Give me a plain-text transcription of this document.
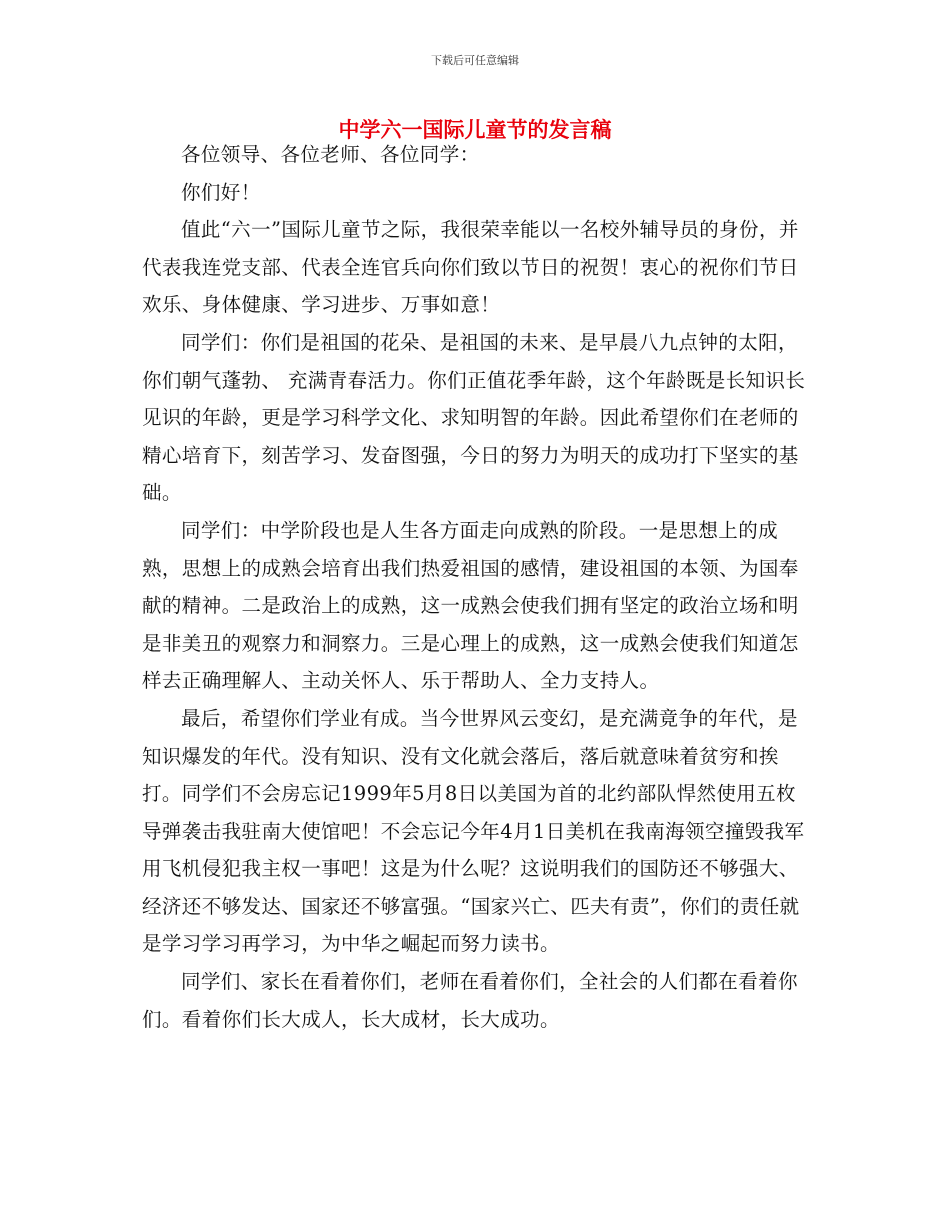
下载后可任意编辑
中学六一国际儿童节的发言稿

各位领导、各位老师、各位同学：

你们好！

值此“六一”国际儿童节之际，我很荣幸能以一名校外辅导员的身份，并代表我连党支部、代表全连官兵向你们致以节日的祝贺！衷心的祝你们节日欢乐、身体健康、学习进步、万事如意！

同学们：你们是祖国的花朵、是祖国的未来、是早晨八九点钟的太阳，你们朝气蓬勃、 充满青春活力。你们正值花季年龄，这个年龄既是长知识长见识的年龄，更是学习科学文化、求知明智的年龄。因此希望你们在老师的精心培育下，刻苦学习、发奋图强，今日的努力为明天的成功打下坚实的基础。

同学们：中学阶段也是人生各方面走向成熟的阶段。一是思想上的成熟，思想上的成熟会培育出我们热爱祖国的感情，建设祖国的本领、为国奉献的精神。二是政治上的成熟，这一成熟会使我们拥有坚定的政治立场和明是非美丑的观察力和洞察力。三是心理上的成熟，这一成熟会使我们知道怎样去正确理解人、主动关怀人、乐于帮助人、全力支持人。

最后，希望你们学业有成。当今世界风云变幻，是充满竟争的年代，是知识爆发的年代。没有知识、没有文化就会落后，落后就意味着贫穷和挨打。同学们不会房忘记1999年5月8日以美国为首的北约部队悍然使用五枚导弹袭击我驻南大使馆吧！不会忘记今年4月1日美机在我南海领空撞毁我军用飞机侵犯我主权一事吧！这是为什么呢？这说明我们的国防还不够强大、经济还不够发达、国家还不够富强。“国家兴亡、匹夫有责”，你们的责任就是学习学习再学习，为中华之崛起而努力读书。

同学们、家长在看着你们，老师在看着你们，全社会的人们都在看着你们。看着你们长大成人，长大成材，长大成功。
